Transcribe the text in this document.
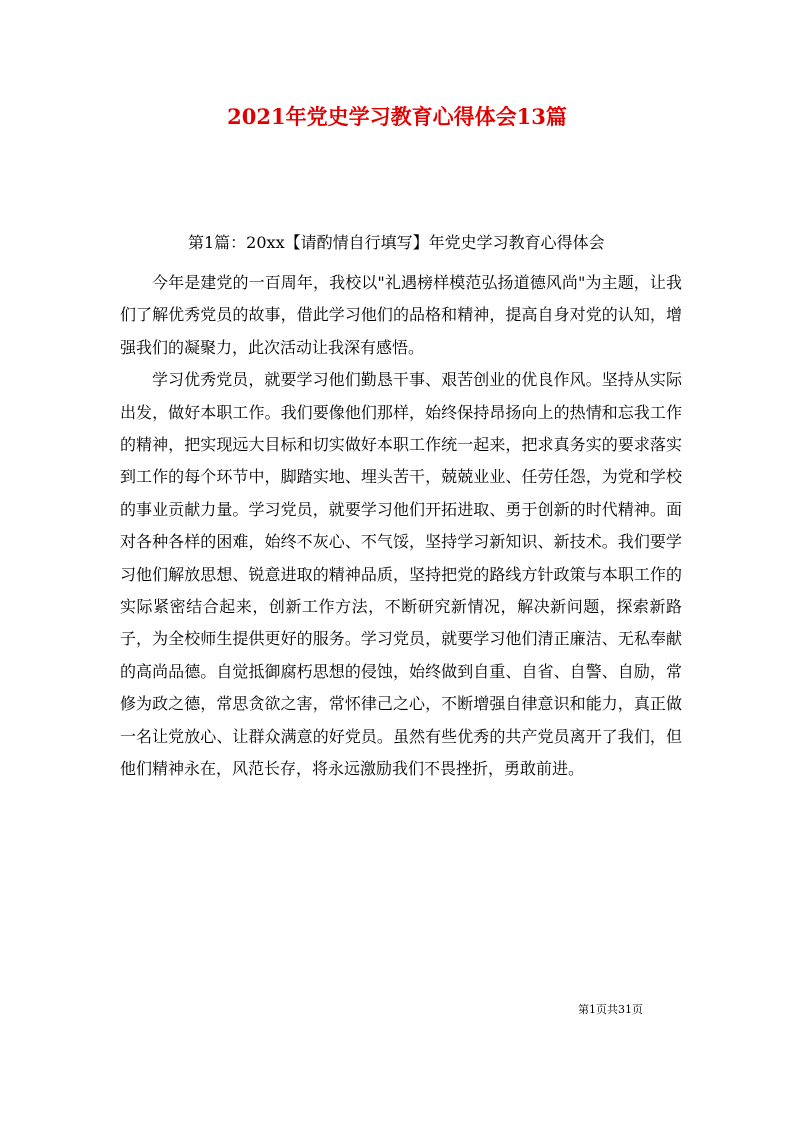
2021年党史学习教育心得体会13篇
第1篇：20xx【请酌情自行填写】年党史学习教育心得体会

今年是建党的一百周年，我校以"礼遇榜样模范弘扬道德风尚"为主题，让我们了解优秀党员的故事，借此学习他们的品格和精神，提高自身对党的认知，增强我们的凝聚力，此次活动让我深有感悟。

学习优秀党员，就要学习他们勤恳干事、艰苦创业的优良作风。坚持从实际出发，做好本职工作。我们要像他们那样，始终保持昂扬向上的热情和忘我工作的精神，把实现远大目标和切实做好本职工作统一起来，把求真务实的要求落实到工作的每个环节中，脚踏实地、埋头苦干，兢兢业业、任劳任怨，为党和学校的事业贡献力量。学习党员，就要学习他们开拓进取、勇于创新的时代精神。面对各种各样的困难，始终不灰心、不气馁，坚持学习新知识、新技术。我们要学习他们解放思想、锐意进取的精神品质，坚持把党的路线方针政策与本职工作的实际紧密结合起来，创新工作方法，不断研究新情况，解决新问题，探索新路子，为全校师生提供更好的服务。学习党员，就要学习他们清正廉洁、无私奉献的高尚品德。自觉抵御腐朽思想的侵蚀，始终做到自重、自省、自警、自励，常修为政之德，常思贪欲之害，常怀律己之心，不断增强自律意识和能力，真正做一名让党放心、让群众满意的好党员。虽然有些优秀的共产党员离开了我们，但他们精神永在，风范长存，将永远激励我们不畏挫折，勇敢前进。

第1页共31页
